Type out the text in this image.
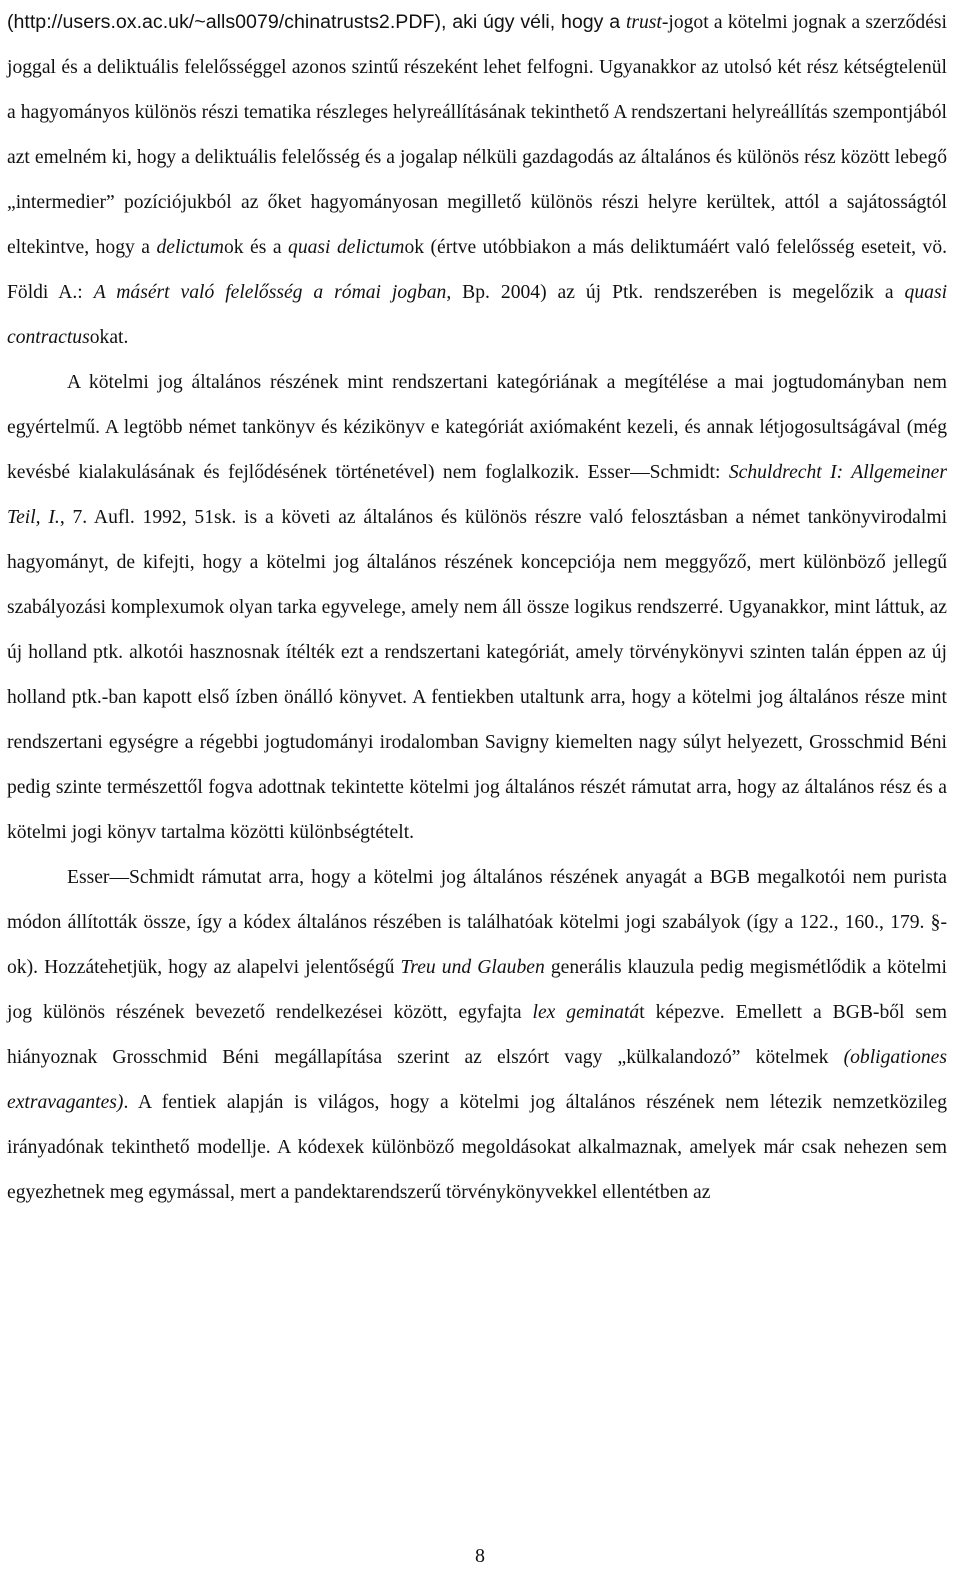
(http://users.ox.ac.uk/~alls0079/chinatrusts2.PDF), aki úgy véli, hogy a trust-jogot a kötelmi jognak a szerződési joggal és a deliktuális felelősséggel azonos szintű részeként lehet felfogni. Ugyanakkor az utolsó két rész kétségtelenül a hagyományos különös részi tematika részleges helyreállításának tekinthető A rendszertani helyreállítás szempontjából azt emelném ki, hogy a deliktuális felelősség és a jogalap nélküli gazdagodás az általános és különös rész között lebegő „intermedier” pozíciójukból az őket hagyományosan megillető különös részi helyre kerültek, attól a sajátosságtól eltekintve, hogy a delictumok és a quasi delictumok (értve utóbbiakon a más deliktumáért való felelősség eseteit, vö. Földi A.: A másért való felelősség a római jogban, Bp. 2004) az új Ptk. rendszerében is megelőzik a quasi contractusokat.

A kötelmi jog általános részének mint rendszertani kategóriának a megítélése a mai jogtudományban nem egyértelmű. A legtöbb német tankönyv és kézikönyv e kategóriát axiómaként kezeli, és annak létjogosultságával (még kevésbé kialakulásának és fejlődésének történetével) nem foglalkozik. Esser—Schmidt: Schuldrecht I: Allgemeiner Teil, I., 7. Aufl. 1992, 51sk. is a követi az általános és különös részre való felosztásban a német tankönyvirodalmi hagyományt, de kifejti, hogy a kötelmi jog általános részének koncepciója nem meggyőző, mert különböző jellegű szabályozási komplexumok olyan tarka egyvelege, amely nem áll össze logikus rendszerré. Ugyanakkor, mint láttuk, az új holland ptk. alkotói hasznosnak ítélték ezt a rendszertani kategóriát, amely törvénykönyvi szinten talán éppen az új holland ptk.-ban kapott első ízben önálló könyvet. A fentiekben utaltunk arra, hogy a kötelmi jog általános része mint rendszertani egységre a régebbi jogtudományi irodalomban Savigny kiemelten nagy súlyt helyezett, Grosschmid Béni pedig szinte természettől fogva adottnak tekintette kötelmi jog általános részét rámutat arra, hogy az általános rész és a kötelmi jogi könyv tartalma közötti különbségtételt.

Esser—Schmidt rámutat arra, hogy a kötelmi jog általános részének anyagát a BGB megalkotói nem purista módon állították össze, így a kódex általános részében is találhatóak kötelmi jogi szabályok (így a 122., 160., 179. §-ok). Hozzátehetjük, hogy az alapelvi jelentőségű Treu und Glauben generális klauzula pedig megismétlődik a kötelmi jog különös részének bevezető rendelkezései között, egyfajta lex geminatát képezve. Emellett a BGB-ből sem hiányoznak Grosschmid Béni megállapítása szerint az elszórt vagy „külkalandozó” kötelmek (obligationes extravagantes). A fentiek alapján is világos, hogy a kötelmi jog általános részének nem létezik nemzetközileg irányadónak tekinthető modellje. A kódexek különböző megoldásokat alkalmaznak, amelyek már csak nehezen sem egyezhetnek meg egymással, mert a pandektarendszerű törvénykönyvekkel ellentétben az

8
